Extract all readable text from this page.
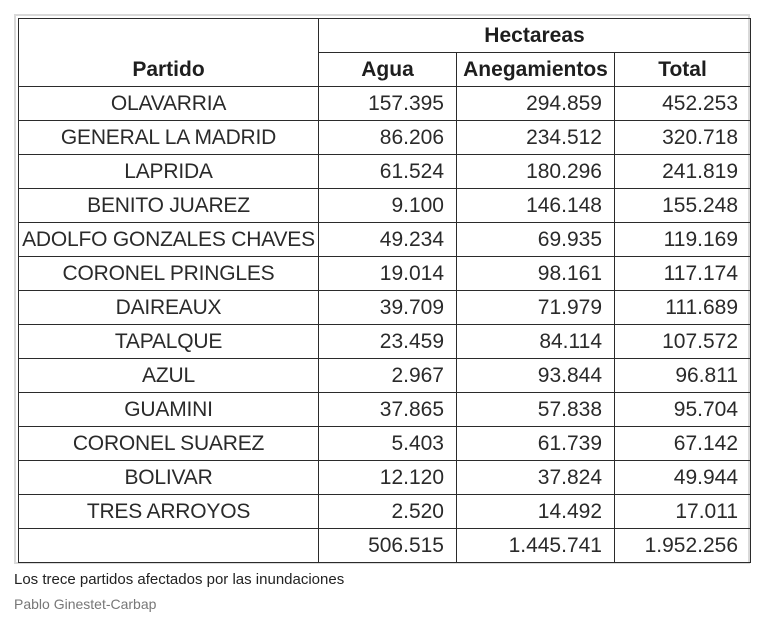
	Hectareas		
Partido	Agua	Anegamientos	Total
OLAVARRIA	157.395	294.859	452.253
GENERAL LA MADRID	86.206	234.512	320.718
LAPRIDA	61.524	180.296	241.819
BENITO JUAREZ	9.100	146.148	155.248
ADOLFO GONZALES CHAVES	49.234	69.935	119.169
CORONEL PRINGLES	19.014	98.161	117.174
DAIREAUX	39.709	71.979	111.689
TAPALQUE	23.459	84.114	107.572
AZUL	2.967	93.844	96.811
GUAMINI	37.865	57.838	95.704
CORONEL SUAREZ	5.403	61.739	67.142
BOLIVAR	12.120	37.824	49.944
TRES ARROYOS	2.520	14.492	17.011
	506.515	1.445.741	1.952.256
Los trece partidos afectados por las inundaciones
Pablo Ginestet-Carbap
